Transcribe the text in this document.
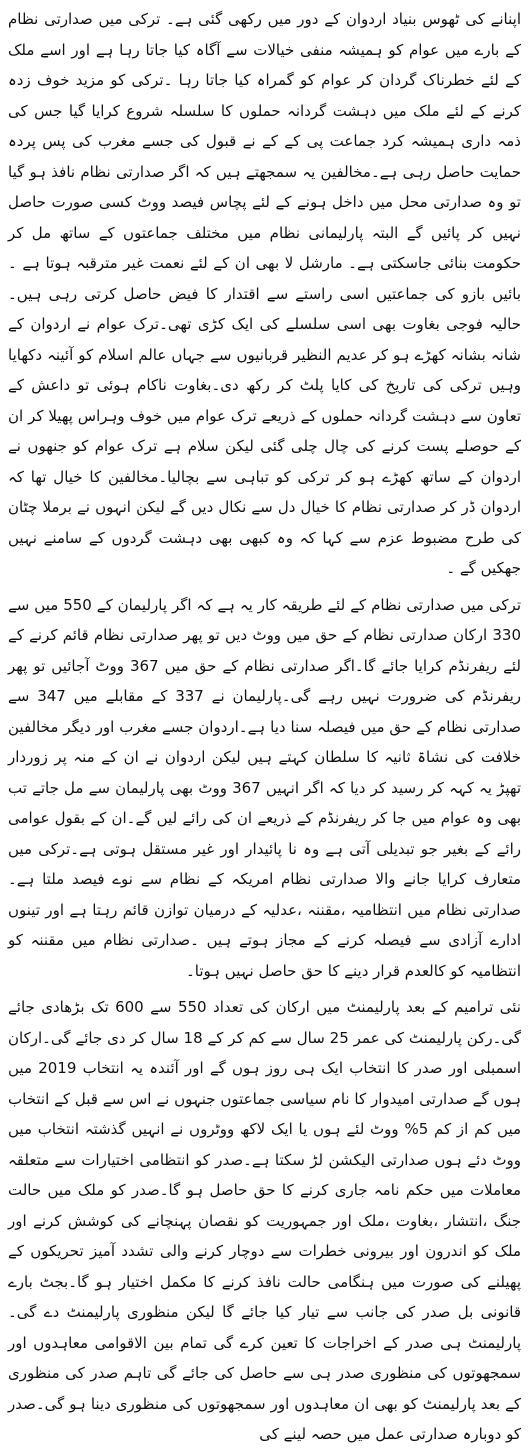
اپنانے کی ٹھوس بنیاد اردوان کے دور میں رکھی گئی ہے۔ ترکی میں صدارتی نظام کے بارے میں عوام کو ہمیشہ منفی خیالات سے آگاہ کیا جاتا رہا ہے اور اسے ملک کے لئے خطرناک گردان کر عوام کو گمراہ کیا جاتا رہا ۔ترکی کو مزید خوف زدہ کرنے کے لئے ملک میں دہشت گردانہ حملوں کا سلسلہ شروع کرایا گیا جس کی ذمہ داری ہمیشہ کرد جماعت پی کے کے نے قبول کی جسے مغرب کی پس پردہ حمایت حاصل رہی ہے۔مخالفین یہ سمجھتے ہیں کہ اگر صدارتی نظام نافذ ہو گیا تو وہ صدارتی محل میں داخل ہونے کے لئے پچاس فیصد ووٹ کسی صورت حاصل نہیں کر پائیں گے البتہ پارلیمانی نظام میں مختلف جماعتوں کے ساتھ مل کر حکومت بنائی جاسکتی ہے۔ مارشل لا بھی ان کے لئے نعمت غیر مترقبہ ہوتا ہے ۔بائیں بازو کی جماعتیں اسی راستے سے اقتدار کا فیض حاصل کرتی رہی ہیں۔حالیہ فوجی بغاوت بھی اسی سلسلے کی ایک کڑی تھی۔ترک عوام نے اردوان کے شانہ بشانہ کھڑے ہو کر عدیم النظیر قربانیوں سے جہاں عالم اسلام کو آئینہ دکھایا وہیں ترکی کی تاریخ کی کایا پلٹ کر رکھ دی۔بغاوت ناکام ہوئی تو داعش کے تعاون سے دہشت گردانہ حملوں کے ذریعے ترک عوام میں خوف وہراس پھیلا کر ان کے حوصلے پست کرنے کی چال چلی گئی لیکن سلام ہے ترک عوام کو جنھوں نے اردوان کے ساتھ کھڑے ہو کر ترکی کو تباہی سے بچالیا۔مخالفین کا خیال تھا کہ اردوان ڈر کر صدارتی نظام کا خیال دل سے نکال دیں گے لیکن انہوں نے برملا چٹان کی طرح مضبوط عزم سے کہا کہ وہ کبھی بھی دہشت گردوں کے سامنے نہیں جھکیں گے ۔

ترکی میں صدارتی نظام کے لئے طریقہ کار یہ ہے کہ اگر پارلیمان کے 550 میں سے 330 ارکان صدارتی نظام کے حق میں ووٹ دیں تو پھر صدارتی نظام قائم کرنے کے لئے ریفرنڈم کرایا جائے گا۔اگر صدارتی نظام کے حق میں 367 ووٹ آجائیں تو پھر ریفرنڈم کی ضرورت نہیں رہے گی۔پارلیمان نے 337 کے مقابلے میں 347 سے صدارتی نظام کے حق میں فیصلہ سنا دیا ہے۔اردوان جسے مغرب اور دیگر مخالفین خلافت کی نشاۃ ثانیہ کا سلطان کہتے ہیں لیکن اردوان نے ان کے منہ پر زوردار تھپڑ یہ کہہ کر رسید کر دیا کہ اگر انہیں 367 ووٹ بھی پارلیمان سے مل جاتے تب بھی وہ عوام میں جا کر ریفرنڈم کے ذریعے ان کی رائے لیں گے۔ان کے بقول عوامی رائے کے بغیر جو تبدیلی آتی ہے وہ نا پائیدار اور غیر مستقل ہوتی ہے۔ترکی میں متعارف کرایا جانے والا صدارتی نظام امریکہ کے نظام سے نوے فیصد ملتا ہے۔صدارتی نظام میں انتظامیہ ،مقننہ ،عدلیہ کے درمیان توازن قائم رہتا ہے اور تینوں ادارے آزادی سے فیصلہ کرنے کے مجاز ہوتے ہیں ۔صدارتی نظام میں مقننہ کو انتظامیہ کو کالعدم قرار دینے کا حق حاصل نہیں ہوتا۔

نئی ترامیم کے بعد پارلیمنٹ میں ارکان کی تعداد 550 سے 600 تک بڑھادی جائے گی۔رکن پارلیمنٹ کی عمر 25 سال سے کم کر کے 18 سال کر دی جائے گی۔ارکان اسمبلی اور صدر کا انتخاب ایک ہی روز ہوں گے اور آئندہ یہ انتخاب 2019 میں ہوں گے صدارتی امیدوار کا نام سیاسی جماعتوں جنہوں نے اس سے قبل کے انتخاب میں کم از کم 5% ووٹ لئے ہوں یا ایک لاکھ ووٹروں نے انہیں گذشتہ انتخاب میں ووٹ دئے ہوں صدارتی الیکشن لڑ سکتا ہے۔صدر کو انتظامی اختیارات سے متعلقہ معاملات میں حکم نامہ جاری کرنے کا حق حاصل ہو گا۔صدر کو ملک میں حالت جنگ ،انتشار ،بغاوت ،ملک اور جمہوریت کو نقصان پہنچانے کی کوشش کرنے اور ملک کو اندرون اور بیرونی خطرات سے دوچار کرنے والی تشدد آمیز تحریکوں کے پھیلنے کی صورت میں ہنگامی حالت نافذ کرنے کا مکمل اختیار ہو گا۔بجٹ بارے قانونی بل صدر کی جانب سے تیار کیا جائے گا لیکن منظوری پارلیمنٹ دے گی۔پارلیمنٹ ہی صدر کے اخراجات کا تعین کرے گی تمام بین الاقوامی معاہدوں اور سمجھوتوں کی منظوری صدر ہی سے حاصل کی جائے گی تاہم صدر کی منظوری کے بعد پارلیمنٹ کو بھی ان معاہدوں اور سمجھوتوں کی منظوری دینا ہو گی۔صدر کو دوبارہ صدارتی عمل میں حصہ لینے کی
